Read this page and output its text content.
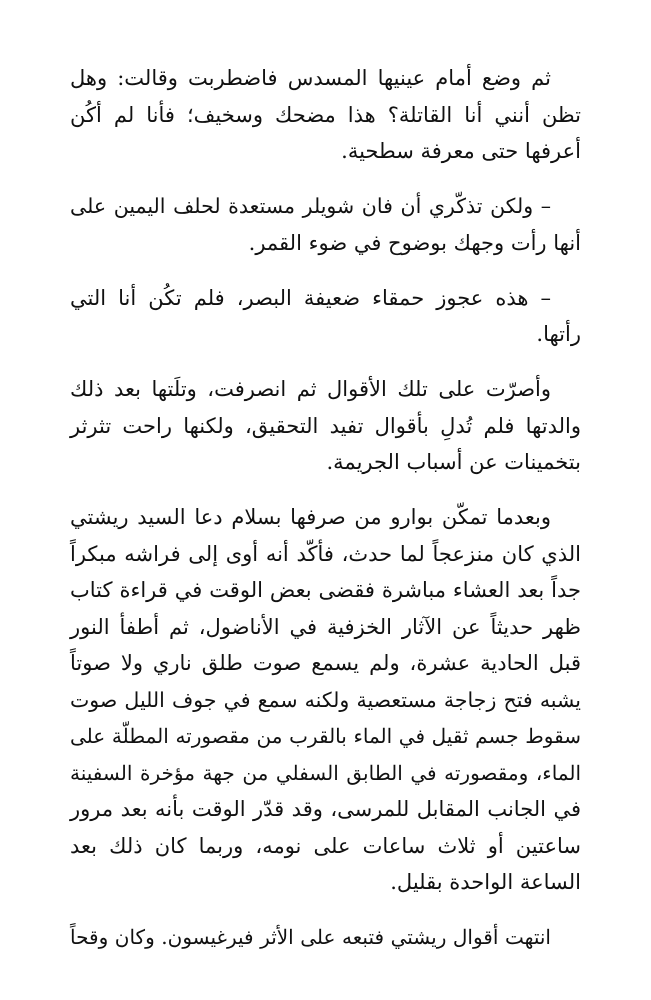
ثم وضع أمام عينيها المسدس فاضطربت وقالت: وهل
تظن أنني أنا القاتلة؟ هذا مضحك وسخيف؛ فأنا لم أكُن
أعرفها حتى معرفة سطحية.
– ولكن تذكّري أن فان شويلر مستعدة لحلف اليمين على
أنها رأت وجهك بوضوح في ضوء القمر.
– هذه عجوز حمقاء ضعيفة البصر، فلم تكُن أنا التي
رأتها.
وأصرّت على تلك الأقوال ثم انصرفت، وتلَتها بعد ذلك
والدتها فلم تُدلِ بأقوال تفيد التحقيق، ولكنها راحت تثرثر
بتخمينات عن أسباب الجريمة.
وبعدما تمكّن بوارو من صرفها بسلام دعا السيد ريشتي
الذي كان منزعجاً لما حدث، فأكّد أنه أوى إلى فراشه مبكراً
جداً بعد العشاء مباشرة فقضى بعض الوقت في قراءة كتاب
ظهر حديثاً عن الآثار الخزفية في الأناضول، ثم أطفأ النور
قبل الحادية عشرة، ولم يسمع صوت طلق ناري ولا صوتاً
يشبه فتح زجاجة مستعصية ولكنه سمع في جوف الليل صوت
سقوط جسم ثقيل في الماء بالقرب من مقصورته المطلّة على
الماء، ومقصورته في الطابق السفلي من جهة مؤخرة السفينة
في الجانب المقابل للمرسى، وقد قدّر الوقت بأنه بعد مرور
ساعتين أو ثلاث ساعات على نومه، وربما كان ذلك بعد
الساعة الواحدة بقليل.
انتهت أقوال ريشتي فتبعه على الأثر فيرغيسون. وكان وقحاً
